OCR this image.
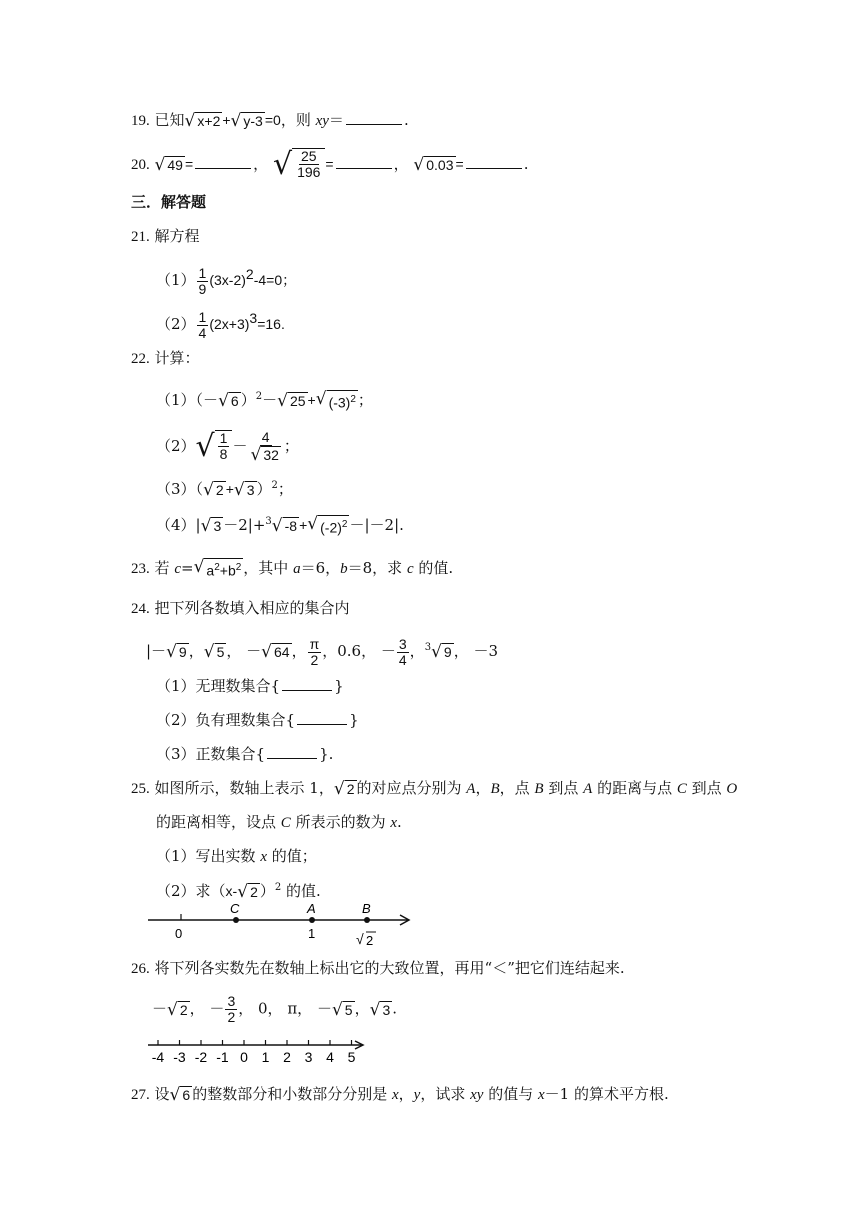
19. 已知 √ x+2 + √ y-3 =0，则 xy＝	.
20. √ 49 =	， √ $\frac{25}{196}$ =	， √ 0.03 =	.
三．解答题
21. 解方程
$(1) \frac{1}{9} (3x-2)^2-4=0$；
$(2) \frac{1}{4} (2x+3)^3=16$.
22. 计算：
（1）（－ √ 6 ）$^2$－ √ 25 + √ $(-3)^2$ ；
（2） √ $\frac{1}{8} - \frac{4}{√ 32}$ ；
（3）（ √ 2 + √ 3 ）$^2$；
（4）| √ 3 －2|+$^3$ √ -8 + √ $(-2)^2 -|-2|$.
23. 若 c= √ $a^2+b^2$ ，其中 a＝6，b＝8，求 c 的值.
24. 把下列各数填入相应的集合内
|－ √ 9 ， √ 5 ， － √ 64 ， $\frac{\pi}{2}$ ，0.6， － $\frac{3}{4}$ ，$^3$ √ 9 ， －3
（1）无理数集合{	}
（2）负有理数集合{	}
（3）正数集合{	}.
25. 如图所示，数轴上表示 1， √ 2 的对应点分别为 A，B，点 B 到点 A 的距离与点 C 到点 O
的距离相等，设点 C 所表示的数为 x.
（1）写出实数 x 的值；
（2）求（x- √ 2 ）$^2$ 的值.
0
C	A
1
B
√ 2
26. 将下列各实数先在数轴上标出它的大致位置，再用“＜”把它们连结起来.
－ √ 2 ， － $\frac{3}{2}$ ， 0， π， － √ 5 ， √ 3 .
-4 -3 -2 -1 0 1 2 3 4 5
27. 设 √ 6 的整数部分和小数部分分别是 x，y，试求 xy 的值与 x－1 的算术平方根.
